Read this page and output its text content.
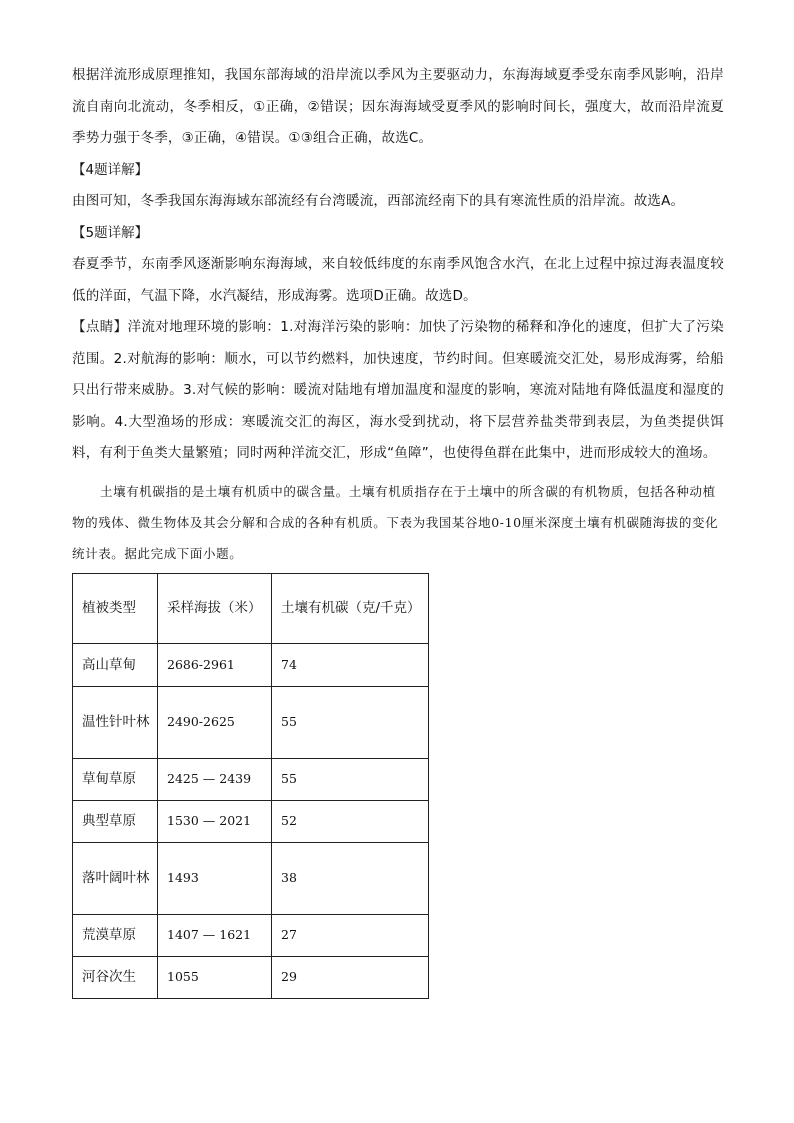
根据洋流形成原理推知，我国东部海域的沿岸流以季风为主要驱动力，东海海域夏季受东南季风影响，沿岸流自南向北流动，冬季相反，①正确，②错误；因东海海域受夏季风的影响时间长，强度大，故而沿岸流夏季势力强于冬季，③正确，④错误。①③组合正确，故选C。

【4题详解】

由图可知，冬季我国东海海域东部流经有台湾暖流，西部流经南下的具有寒流性质的沿岸流。故选A。

【5题详解】

春夏季节，东南季风逐渐影响东海海域，来自较低纬度的东南季风饱含水汽，在北上过程中掠过海表温度较低的洋面，气温下降，水汽凝结，形成海雾。选项D正确。故选D。

【点睛】洋流对地理环境的影响：1.对海洋污染的影响：加快了污染物的稀释和净化的速度，但扩大了污染范围。2.对航海的影响：顺水，可以节约燃料，加快速度，节约时间。但寒暖流交汇处，易形成海雾，给船只出行带来威胁。3.对气候的影响：暖流对陆地有增加温度和湿度的影响，寒流对陆地有降低温度和湿度的影响。4.大型渔场的形成：寒暖流交汇的海区，海水受到扰动，将下层营养盐类带到表层，为鱼类提供饵料，有利于鱼类大量繁殖；同时两种洋流交汇，形成“鱼障”，也使得鱼群在此集中，进而形成较大的渔场。

土壤有机碳指的是土壤有机质中的碳含量。土壤有机质指存在于土壤中的所含碳的有机物质，包括各种动植物的残体、微生物体及其会分解和合成的各种有机质。下表为我国某谷地0-10厘米深度土壤有机碳随海拔的变化统计表。据此完成下面小题。

植被类型	采样海拔（米）	土壤有机碳（克/千克）
高山草甸	2686-2961	74
温性针叶林	2490-2625	55
草甸草原	2425 — 2439	55
典型草原	1530 — 2021	52
落叶阔叶林	1493	38
荒漠草原	1407 — 1621	27
河谷次生	1055	29
